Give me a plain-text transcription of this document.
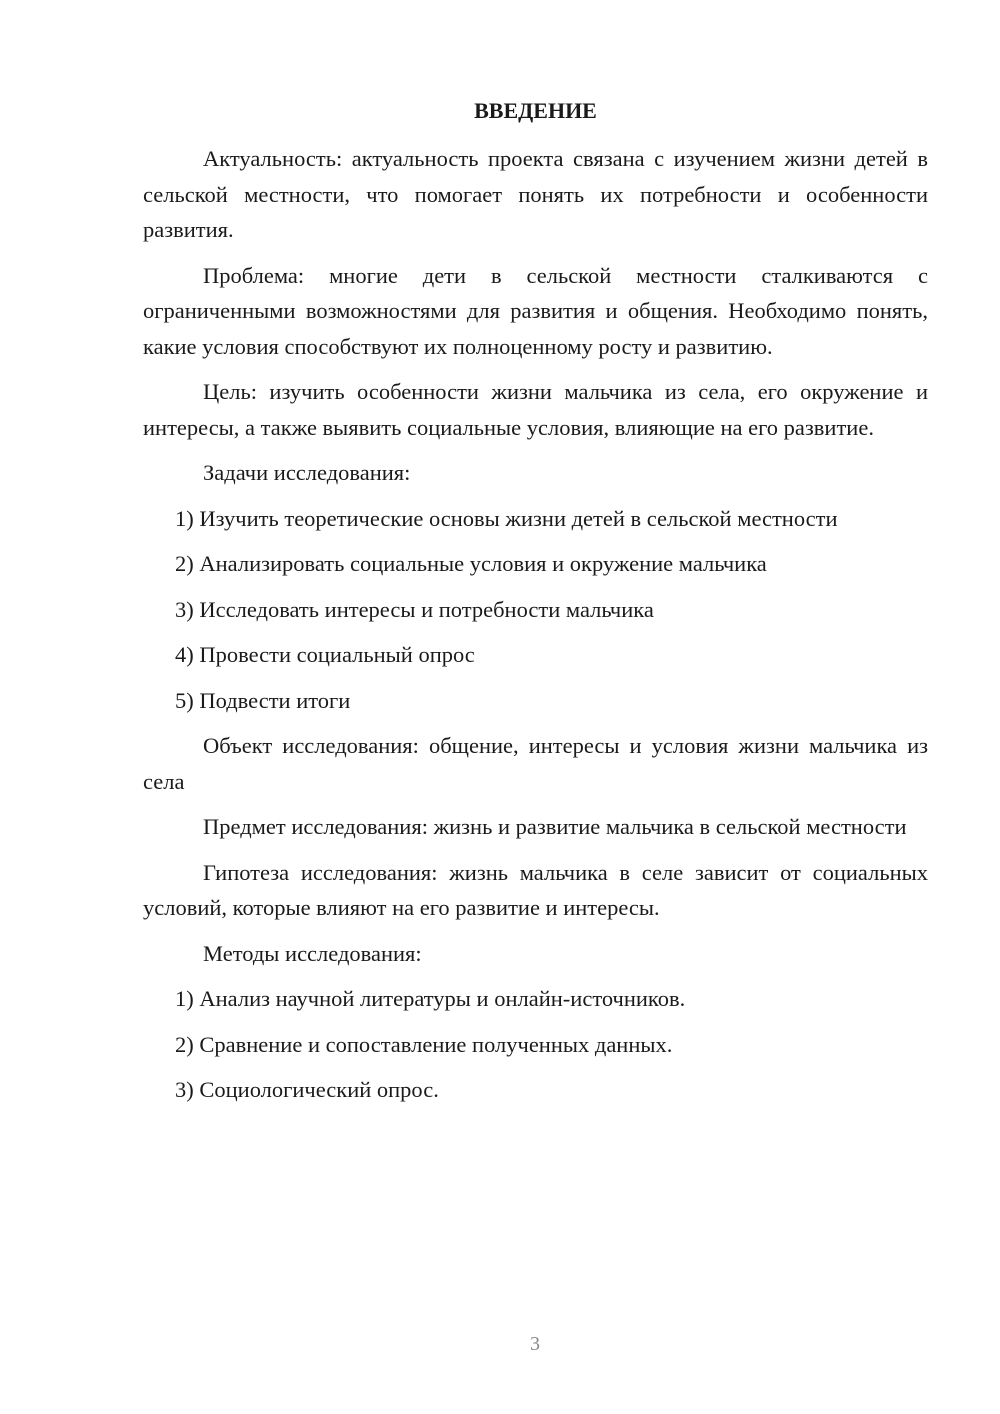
ВВЕДЕНИЕ

Актуальность: актуальность проекта связана с изучением жизни детей в сельской местности, что помогает понять их потребности и особенности развития.

Проблема: многие дети в сельской местности сталкиваются с ограниченными возможностями для развития и общения. Необходимо понять, какие условия способствуют их полноценному росту и развитию.

Цель: изучить особенности жизни мальчика из села, его окружение и интересы, а также выявить социальные условия, влияющие на его развитие.

Задачи исследования:

1) Изучить теоретические основы жизни детей в сельской местности

2) Анализировать социальные условия и окружение мальчика

3) Исследовать интересы и потребности мальчика

4) Провести социальный опрос

5) Подвести итоги

Объект исследования: общение, интересы и условия жизни мальчика из села

Предмет исследования: жизнь и развитие мальчика в сельской местности

Гипотеза исследования: жизнь мальчика в селе зависит от социальных условий, которые влияют на его развитие и интересы.

Методы исследования:

1) Анализ научной литературы и онлайн-источников.

2) Сравнение и сопоставление полученных данных.

3) Социологический опрос.

3
